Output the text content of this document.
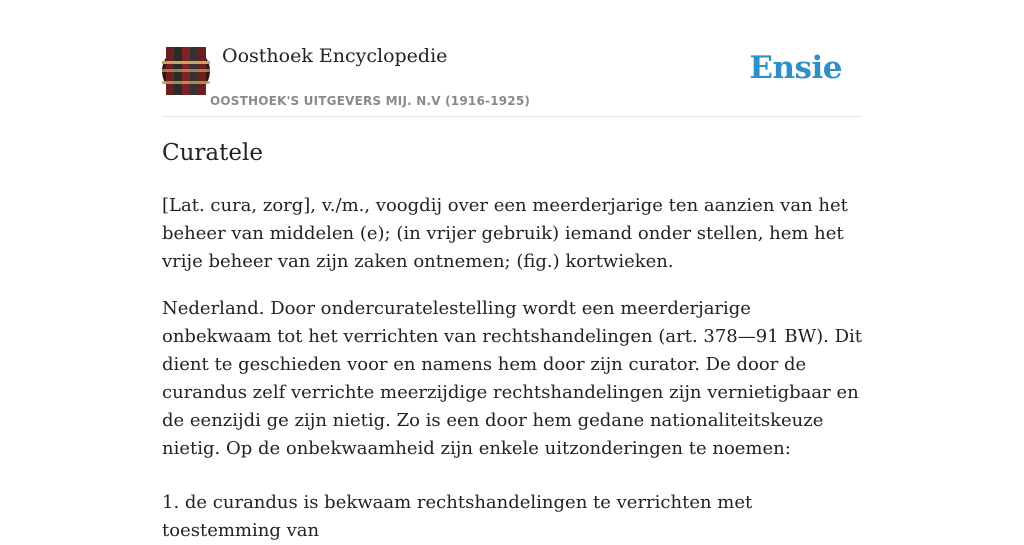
Oosthoek Encyclopedie
OOSTHOEK'S UITGEVERS MIJ. N.V (1916-1925)
Ensie
Curatele

[Lat. cura, zorg], v./m., voogdij over een meerderjarige ten aanzien van het beheer van middelen (e); (in vrijer gebruik) iemand onder stellen, hem het vrije beheer van zijn zaken ontnemen; (fig.) kortwieken.

Nederland. Door ondercuratelestelling wordt een meerderjarige onbekwaam tot het verrichten van rechtshandelingen (art. 378—91 BW). Dit dient te geschieden voor en namens hem door zijn curator. De door de curandus zelf verrichte meerzijdige rechtshandelingen zijn vernietigbaar en de eenzijdi ge zijn nietig. Zo is een door hem gedane nationaliteitskeuze nietig. Op de onbekwaamheid zijn enkele uitzonderingen te noemen:

1. de curandus is bekwaam rechtshandelingen te verrichten met toestemming van
